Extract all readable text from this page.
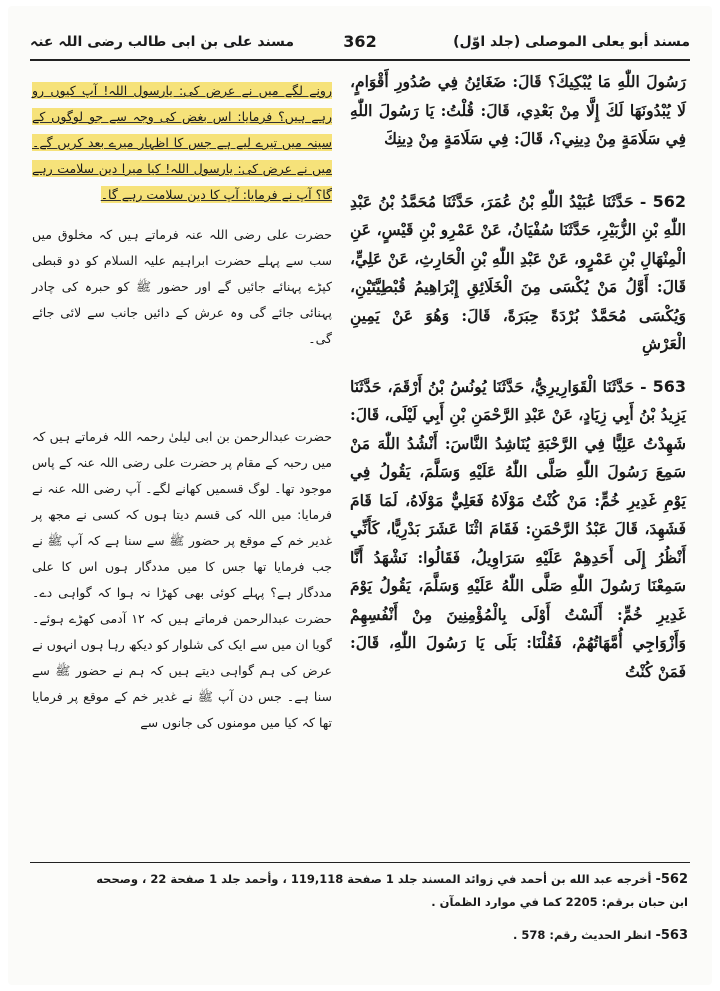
مسند أبو يعلى الموصلى (جلد اوّل)
362
مسند علی بن ابی طالب رضی اللہ عنہ

رَسُولَ اللّٰهِ مَا يُبْكِيكَ؟ قَالَ: ضَغَائِنُ فِي صُدُورِ أَقْوَامٍ، لَا يُبْدُونَهَا لَكَ إِلَّا مِنْ بَعْدِي، قَالَ: قُلْتُ: يَا رَسُولَ اللّٰهِ فِي سَلَامَةٍ مِنْ دِينِي؟، قَالَ: فِي سَلَامَةٍ مِنْ دِينِكَ

562 - حَدَّثَنَا عُبَيْدُ اللّٰهِ بْنُ عُمَرَ، حَدَّثَنَا مُحَمَّدُ بْنُ عَبْدِ اللّٰهِ بْنِ الزُّبَيْرِ، حَدَّثَنَا سُفْيَانُ، عَنْ عَمْرِو بْنِ قَيْسٍ، عَنِ الْمِنْهَالِ بْنِ عَمْرٍو، عَنْ عَبْدِ اللّٰهِ بْنِ الْحَارِثِ، عَنْ عَلِيٍّ، قَالَ: أَوَّلُ مَنْ يُكْسَى مِنَ الْخَلَائِقِ إِبْرَاهِيمُ قُبْطِيَّتَيْنِ، وَيُكْسَى مُحَمَّدٌ بُرْدَةً حِبَرَةً، قَالَ: وَهُوَ عَنْ يَمِينِ الْعَرْشِ

563 - حَدَّثَنَا الْقَوَارِيرِيُّ، حَدَّثَنَا يُونُسُ بْنُ أَرْقَمَ، حَدَّثَنَا يَزِيدُ بْنُ أَبِي زِيَادٍ، عَنْ عَبْدِ الرَّحْمَنِ بْنِ أَبِي لَيْلَى، قَالَ: شَهِدْتُ عَلِيًّا فِي الرَّحْبَةِ يُنَاشِدُ النَّاسَ: أَنْشُدُ اللّٰهَ مَنْ سَمِعَ رَسُولَ اللّٰهِ صَلَّى اللّٰهُ عَلَيْهِ وَسَلَّمَ، يَقُولُ فِي يَوْمِ غَدِيرِ خُمٍّ: مَنْ كُنْتُ مَوْلَاهُ فَعَلِيٌّ مَوْلَاهُ، لَمَا قَامَ فَشَهِدَ، قَالَ عَبْدُ الرَّحْمَنِ: فَقَامَ اثْنَا عَشَرَ بَدْرِيًّا، كَأَنِّي أَنْظُرُ إِلَى أَحَدِهِمْ عَلَيْهِ سَرَاوِيلُ، فَقَالُوا: نَشْهَدُ أَنَّا سَمِعْنَا رَسُولَ اللّٰهِ صَلَّى اللّٰهُ عَلَيْهِ وَسَلَّمَ، يَقُولُ يَوْمَ غَدِيرِ خُمٍّ: أَلَسْتُ أَوْلَى بِالْمُؤْمِنِينَ مِنْ أَنْفُسِهِمْ وَأَزْوَاجِي أُمَّهَاتُهُمْ، فَقُلْنَا: بَلَى يَا رَسُولَ اللّٰهِ، قَالَ: فَمَنْ كُنْتُ

رونے لگے میں نے عرض کی: یارسول اللہ! آپ کیوں رو رہے ہیں؟ فرمایا: اس بغض کی وجہ سے جو لوگوں کے سینہ میں تیرے لیے ہے جس کا اظہار میرے بعد کریں گے۔ میں نے عرض کی: یارسول اللہ! کیا میرا دین سلامت رہے گا؟ آپ نے فرمایا: آپ کا دین سلامت رہے گا۔

حضرت علی رضی اللہ عنہ فرماتے ہیں کہ مخلوق میں سب سے پہلے حضرت ابراہیم علیہ السلام کو دو قبطی کپڑے پہنائے جائیں گے اور حضور ﷺ کو حبرہ کی چادر پہنائی جائے گی وہ عرش کے دائیں جانب سے لائی جائے گی۔

حضرت عبدالرحمن بن ابی لیلیٰ رحمہ اللہ فرماتے ہیں کہ میں رحبہ کے مقام پر حضرت علی رضی اللہ عنہ کے پاس موجود تھا۔ لوگ قسمیں کھانے لگے۔ آپ رضی اللہ عنہ نے فرمایا: میں اللہ کی قسم دیتا ہوں کہ کسی نے مجھ پر غدیر خم کے موقع پر حضور ﷺ سے سنا ہے کہ آپ ﷺ نے جب فرمایا تھا جس کا میں مددگار ہوں اس کا علی مددگار ہے؟ پہلے کوئی بھی کھڑا نہ ہوا کہ گواہی دے۔ حضرت عبدالرحمن فرماتے ہیں کہ ۱۲ آدمی کھڑے ہوئے۔ گویا ان میں سے ایک کی شلوار کو دیکھ رہا ہوں انہوں نے عرض کی ہم گواہی دیتے ہیں کہ ہم نے حضور ﷺ سے سنا ہے۔ جس دن آپ ﷺ نے غدیر خم کے موقع پر فرمایا تھا کہ کیا میں مومنوں کی جانوں سے

562- أخرجه عبد الله بن أحمد في زوائد المسند جلد 1 صفحة 119,118 ، وأحمد جلد 1 صفحة 22 ، وصححه
ابن حبان برقم: 2205 كما في موارد الظمآن .
563- انظر الحديث رقم: 578 .
